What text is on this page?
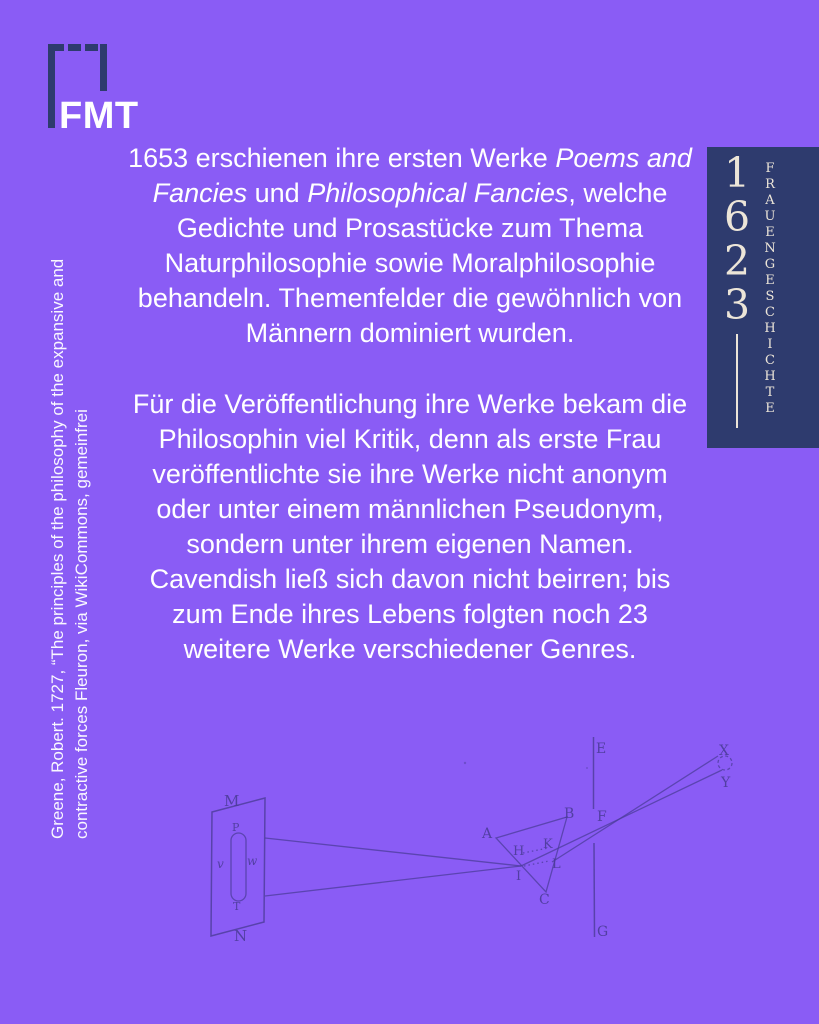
FMT
1
6
2
3
F
R
A
U
E
N
G
E
S
C
H
I
C
H
T
E
Greene, Robert. 1727, “The principles of the philosophy of the expansive and contractive forces Fleuron, via WikiCommons, gemeinfrei
1653 erschienen ihre ersten Werke Poems and
Fancies und Philosophical Fancies, welche
Gedichte und Prosastücke zum Thema
Naturphilosophie sowie Moralphilosophie
behandeln. Themenfelder die gewöhnlich von
Männern dominiert wurden.
Für die Veröffentlichung ihre Werke bekam die
Philosophin viel Kritik, denn als erste Frau
veröffentlichte sie ihre Werke nicht anonym
oder unter einem männlichen Pseudonym,
sondern unter ihrem eigenen Namen.
Cavendish ließ sich davon nicht beirren; bis
zum Ende ihres Lebens folgten noch 23
weitere Werke verschiedener Genres.
M
N
P
T
v w
A
B
C
H K
L
I
E
F
G
X
Y
